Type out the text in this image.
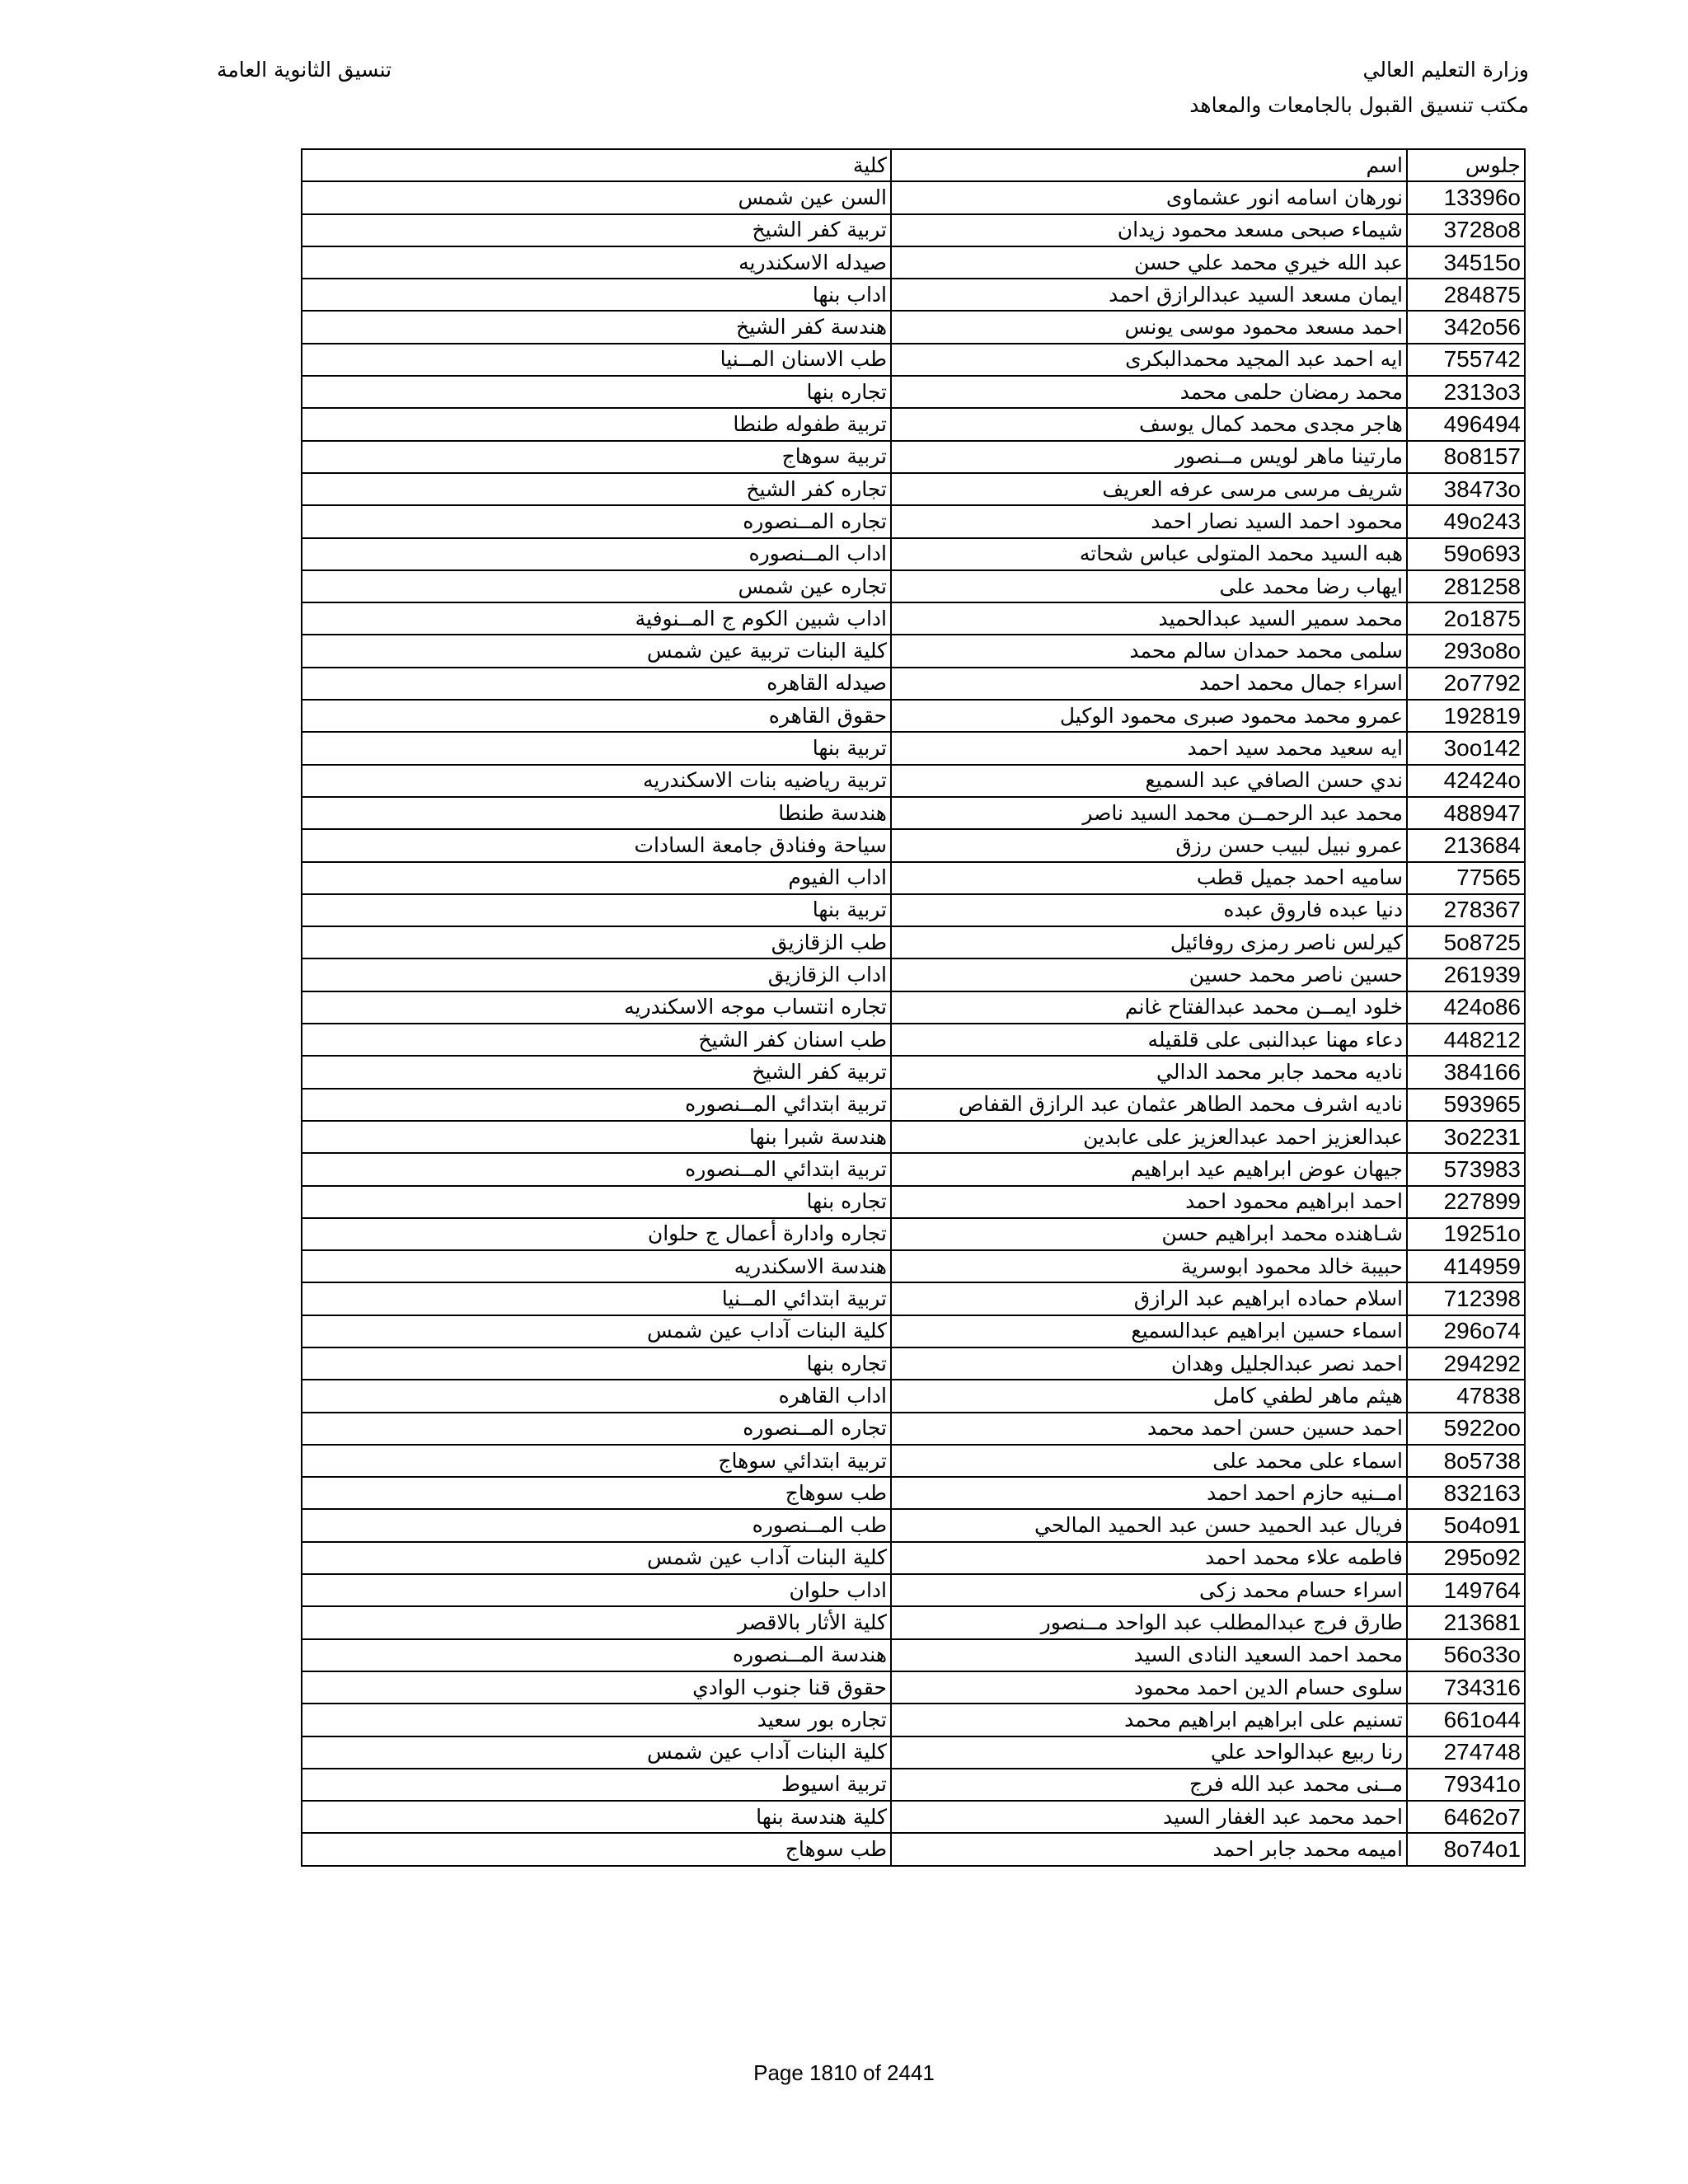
وزارة التعليم العالي
مكتب تنسيق القبول بالجامعات والمعاهد
تنسيق الثانوية العامة
جلوس	اسم	كلية
13396o	نورهان اسامه انور عشماوى	السن عين شمس
3728o8	شيماء صبحى مسعد محمود زيدان	تربية كفر الشيخ
34515o	عبد الله خيري محمد علي حسن	صيدله الاسكندريه
284875	ايمان مسعد السيد عبدالرازق احمد	اداب بنها
342o56	احمد مسعد محمود موسى يونس	هندسة كفر الشيخ
755742	ايه احمد عبد المجيد محمدالبكرى	طب الاسنان المــنيا
2313o3	محمد رمضان حلمى محمد	تجاره بنها
496494	هاجر مجدى محمد كمال يوسف	تربية طفوله طنطا
8o8157	مارتينا ماهر لويس مــنصور	تربية سوهاج
38473o	شريف مرسى مرسى عرفه العريف	تجاره كفر الشيخ
49o243	محمود احمد السيد نصار احمد	تجاره المــنصوره
59o693	هبه السيد محمد المتولى عباس شحاته	اداب المــنصوره
281258	ايهاب رضا محمد على	تجاره عين شمس
2o1875	محمد سمير السيد عبدالحميد	اداب شبين الكوم ج المــنوفية
293o8o	سلمى محمد حمدان سالم محمد	كلية البنات تربية عين شمس
2o7792	اسراء جمال محمد احمد	صيدله القاهره
192819	عمرو محمد محمود صبرى محمود الوكيل	حقوق القاهره
3oo142	ايه سعيد محمد سيد احمد	تربية بنها
42424o	ندي حسن الصافي عبد السميع	تربية رياضيه بنات الاسكندريه
488947	محمد عبد الرحمــن محمد السيد ناصر	هندسة طنطا
213684	عمرو نبيل لبيب حسن رزق	سياحة وفنادق جامعة السادات
77565	ساميه احمد جميل قطب	اداب الفيوم
278367	دنيا عبده فاروق عبده	تربية بنها
5o8725	كيرلس ناصر رمزى روفائيل	طب الزقازيق
261939	حسين ناصر محمد حسين	اداب الزقازيق
424o86	خلود ايمــن محمد عبدالفتاح غانم	تجاره انتساب موجه الاسكندريه
448212	دعاء مهنا عبدالنبى على قلقيله	طب اسنان كفر الشيخ
384166	ناديه محمد جابر محمد الدالي	تربية كفر الشيخ
593965	ناديه اشرف محمد الطاهر عثمان عبد الرازق القفاص	تربية ابتدائي المــنصوره
3o2231	عبدالعزيز احمد عبدالعزيز على عابدين	هندسة شبرا بنها
573983	جيهان عوض ابراهيم عيد ابراهيم	تربية ابتدائي المــنصوره
227899	احمد ابراهيم محمود احمد	تجاره بنها
19251o	شـاهنده محمد ابراهيم حسن	تجاره وادارة أعمال ج حلوان
414959	حبيبة خالد محمود ابوسرية	هندسة الاسكندريه
712398	اسلام حماده ابراهيم عبد الرازق	تربية ابتدائي المــنيا
296o74	اسماء حسين ابراهيم عبدالسميع	كلية البنات آداب عين شمس
294292	احمد نصر عبدالجليل وهدان	تجاره بنها
47838	هيثم ماهر لطفي كامل	اداب القاهره
5922oo	احمد حسين حسن احمد محمد	تجاره المــنصوره
8o5738	اسماء على محمد على	تربية ابتدائي سوهاج
832163	امــنيه حازم احمد احمد	طب سوهاج
5o4o91	فريال عبد الحميد حسن عبد الحميد المالحي	طب المــنصوره
295o92	فاطمه علاء محمد احمد	كلية البنات آداب عين شمس
149764	اسراء حسام محمد زكى	اداب حلوان
213681	طارق فرج عبدالمطلب عبد الواحد مــنصور	كلية الأثار بالاقصر
56o33o	محمد احمد السعيد النادى السيد	هندسة المــنصوره
734316	سلوى حسام الدين احمد محمود	حقوق قنا جنوب الوادي
661o44	تسنيم على ابراهيم ابراهيم محمد	تجاره بور سعيد
274748	رنا ربيع عبدالواحد علي	كلية البنات آداب عين شمس
79341o	مــنى محمد عبد الله فرج	تربية اسيوط
6462o7	احمد محمد عبد الغفار السيد	كلية هندسة بنها
8o74o1	اميمه محمد جابر احمد	طب سوهاج
Page 1810 of 2441
